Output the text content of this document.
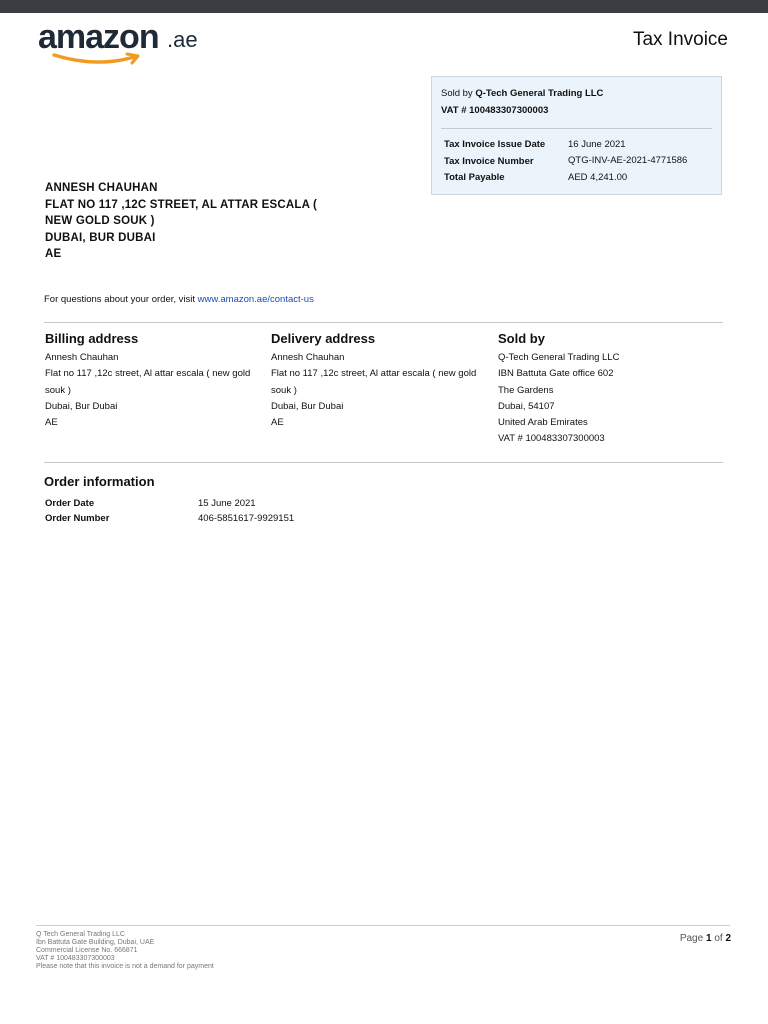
amazon .ae	Tax Invoice
Sold by Q-Tech General Trading LLC
VAT # 100483307300003
Tax Invoice Issue Date 16 June 2021
Tax Invoice Number	QTG-INV-AE-2021-4771586
Total Payable	AED 4,241.00
ANNESH CHAUHAN
FLAT NO 117 ,12C STREET, AL ATTAR ESCALA (
NEW GOLD SOUK )
DUBAI, BUR DUBAI
AE
For questions about your order, visit www.amazon.ae/contact-us
Billing address
Annesh Chauhan
Flat no 117 ,12c street, Al attar escala ( new gold
souk )
Dubai, Bur Dubai
AE
Delivery address
Annesh Chauhan
Flat no 117 ,12c street, Al attar escala ( new gold
souk )
Dubai, Bur Dubai
AE
Sold by
Q-Tech General Trading LLC
IBN Battuta Gate office 602
The Gardens
Dubai, 54107
United Arab Emirates
VAT # 100483307300003
Order information
Order Date	15 June 2021
Order Number	406-5851617-9929151
Q Tech General Trading LLC
Ibn Battuta Gate Building, Dubai, UAE
Commercial License No. 666871
VAT # 100483307300003
Please note that this invoice is not a demand for payment
Page 1 of 2
